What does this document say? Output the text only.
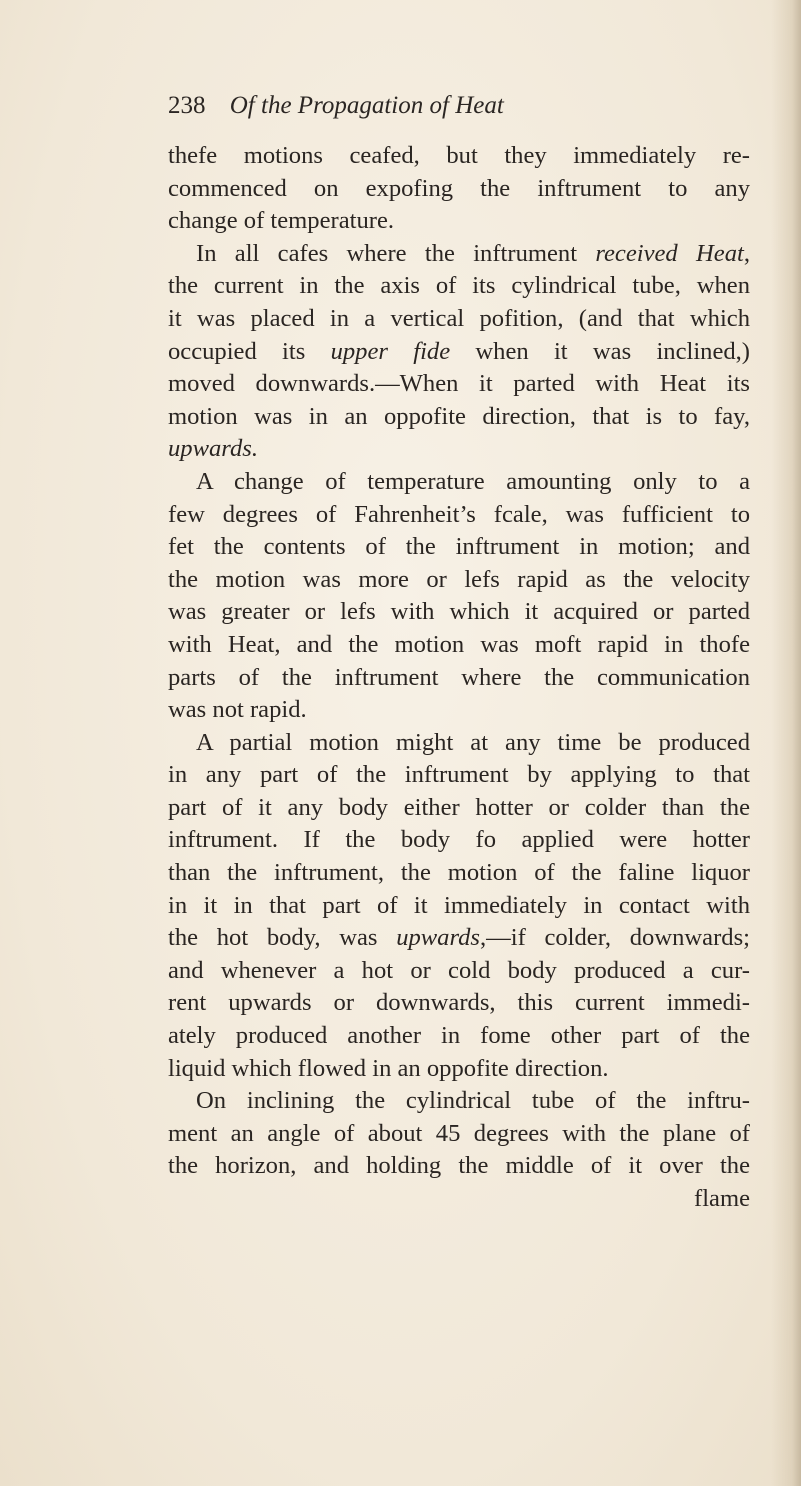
238 Of the Propagation of Heat
thefe motions ceafed, but they immediately re-
commenced on expofing the inftrument to any
change of temperature.
In all cafes where the inftrument received Heat,
the current in the axis of its cylindrical tube, when
it was placed in a vertical pofition, (and that which
occupied its upper fide when it was inclined,)
moved downwards.—When it parted with Heat its
motion was in an oppofite direction, that is to fay,
upwards.
A change of temperature amounting only to a
few degrees of Fahrenheit’s fcale, was fufficient to
fet the contents of the inftrument in motion; and
the motion was more or lefs rapid as the velocity
was greater or lefs with which it acquired or parted
with Heat, and the motion was moft rapid in thofe
parts of the inftrument where the communication
was not rapid.
A partial motion might at any time be produced
in any part of the inftrument by applying to that
part of it any body either hotter or colder than the
inftrument. If the body fo applied were hotter
than the inftrument, the motion of the faline liquor
in it in that part of it immediately in contact with
the hot body, was upwards,—if colder, downwards;
and whenever a hot or cold body produced a cur-
rent upwards or downwards, this current immedi-
ately produced another in fome other part of the
liquid which flowed in an oppofite direction.
On inclining the cylindrical tube of the inftru-
ment an angle of about 45 degrees with the plane of
the horizon, and holding the middle of it over the
flame
